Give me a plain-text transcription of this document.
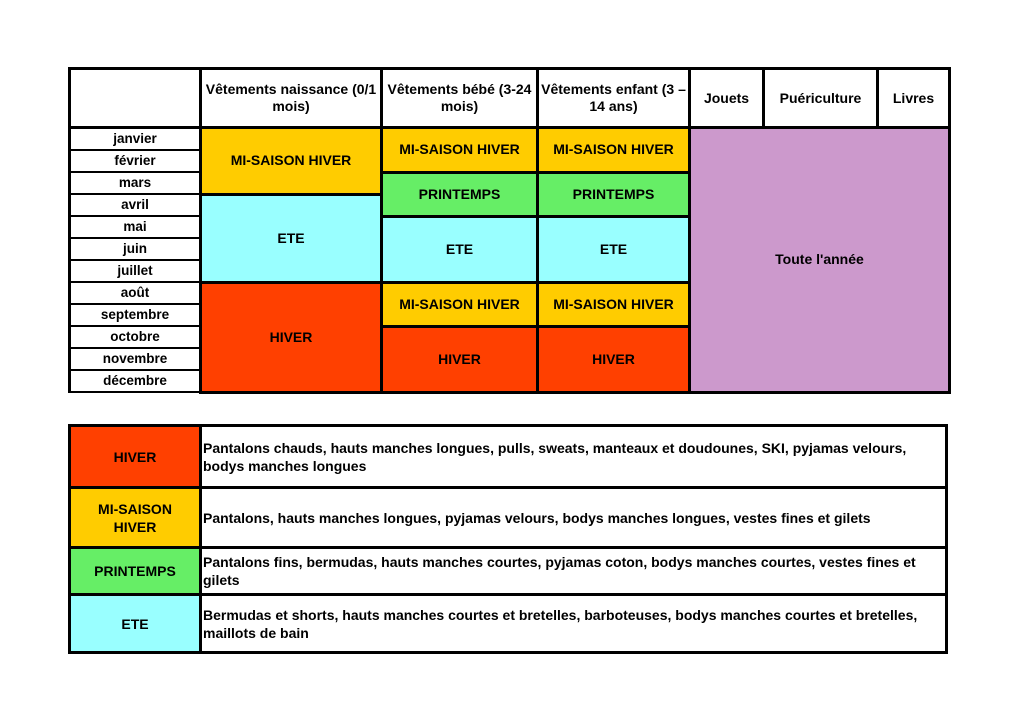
	Vêtements naissance (0/1 mois)	Vêtements bébé (3-24 mois)	Vêtements enfant (3 – 14 ans)	Jouets	Puériculture	Livres
janvier	MI-SAISON HIVER	MI-SAISON HIVER	MI-SAISON HIVER	Toute l'année		
février						
mars		PRINTEMPS	PRINTEMPS			
avril	ETE					
mai		ETE	ETE			
juin						
juillet						
août	HIVER	MI-SAISON HIVER	MI-SAISON HIVER			
septembre						
octobre		HIVER	HIVER			
novembre						
décembre						
HIVER	Pantalons chauds, hauts manches longues, pulls, sweats, manteaux et doudounes, SKI, pyjamas velours, bodys manches longues
MI-SAISON HIVER	Pantalons, hauts manches longues, pyjamas velours, bodys manches longues, vestes fines et gilets
PRINTEMPS	Pantalons fins, bermudas, hauts manches courtes, pyjamas coton, bodys manches courtes, vestes fines et gilets
ETE	Bermudas et shorts, hauts manches courtes et bretelles, barboteuses, bodys manches courtes et bretelles, maillots de bain
